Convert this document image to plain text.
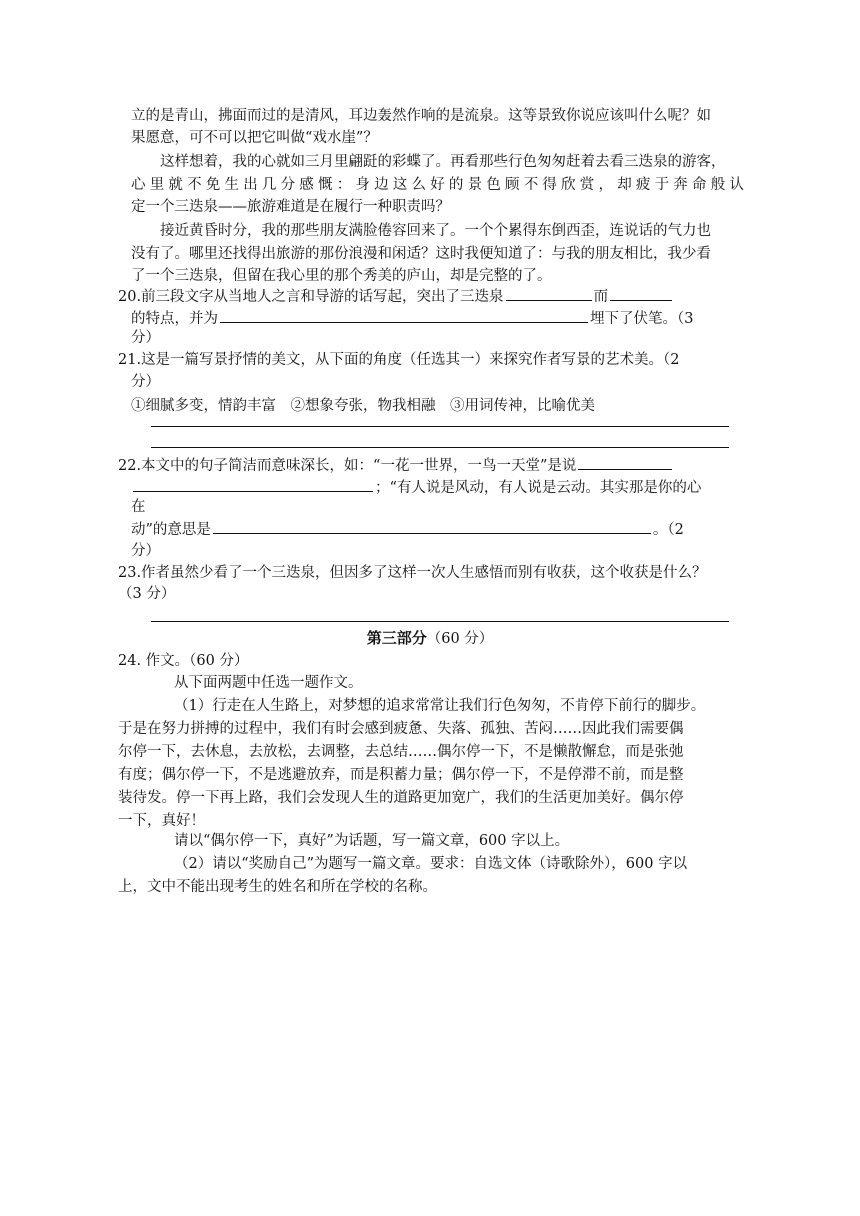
立的是青山，拂面而过的是清风，耳边轰然作响的是流泉。这等景致你说应该叫什么呢？如
果愿意，可不可以把它叫做“戏水崖”？
这样想着，我的心就如三月里翩跹的彩蝶了。再看那些行色匆匆赶着去看三迭泉的游客，
心里就不免生出几分感慨：身边这么好的景色顾不得欣赏，却疲于奔命般认
定一个三迭泉——旅游难道是在履行一种职责吗？
接近黄昏时分，我的那些朋友满脸倦容回来了。一个个累得东倒西歪，连说话的气力也
没有了。哪里还找得出旅游的那份浪漫和闲适？这时我便知道了：与我的朋友相比，我少看
了一个三迭泉，但留在我心里的那个秀美的庐山，却是完整的了。
20.前三段文字从当地人之言和导游的话写起，突出了三迭泉	而
的特点，并为	埋下了伏笔。（3
分）
21.这是一篇写景抒情的美文，从下面的角度（任选其一）来探究作者写景的艺术美。（2
分）
①细腻多变，情韵丰富　②想象夸张，物我相融　③用词传神，比喻优美
22.本文中的句子简洁而意味深长，如：“一花一世界，一鸟一天堂”是说
；“有人说是风动，有人说是云动。其实那是你的心
在
动”的意思是	。（2
分）
23.作者虽然少看了一个三迭泉，但因多了这样一次人生感悟而别有收获，这个收获是什么？
（3 分）
第三部分（60 分）
24. 作文。（60 分）
从下面两题中任选一题作文。
（1）行走在人生路上，对梦想的追求常常让我们行色匆匆，不肯停下前行的脚步。
于是在努力拼搏的过程中，我们有时会感到疲惫、失落、孤独、苦闷……因此我们需要偶
尔停一下，去休息，去放松，去调整，去总结……偶尔停一下，不是懒散懈怠，而是张弛
有度；偶尔停一下，不是逃避放弃，而是积蓄力量；偶尔停一下，不是停滞不前，而是整
装待发。停一下再上路，我们会发现人生的道路更加宽广，我们的生活更加美好。偶尔停
一下，真好！
请以“偶尔停一下，真好”为话题，写一篇文章，600 字以上。
（2）请以“奖励自己”为题写一篇文章。要求：自选文体（诗歌除外），600 字以
上，文中不能出现考生的姓名和所在学校的名称。
